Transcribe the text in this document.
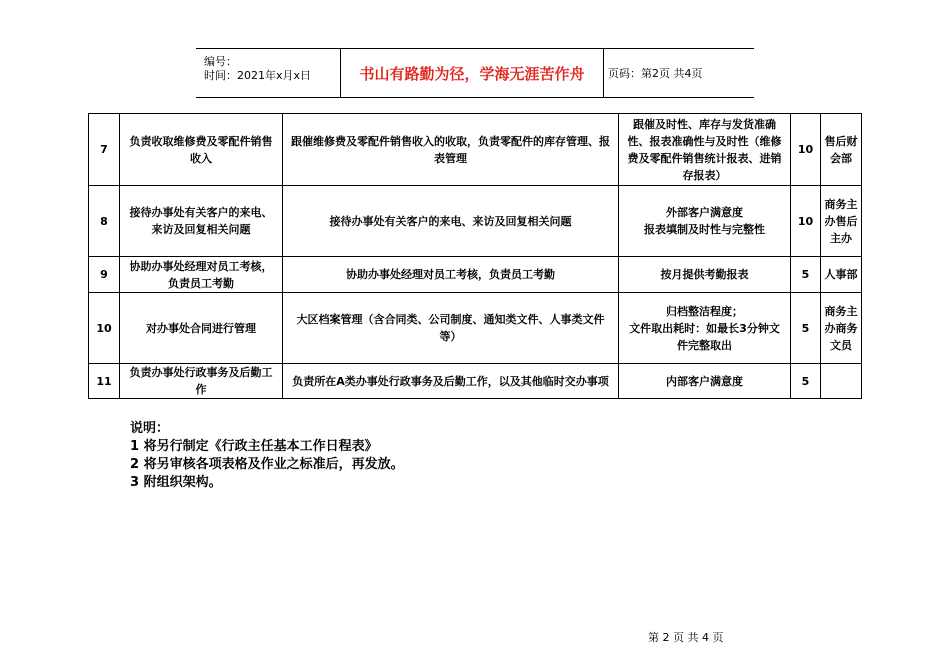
编号：
时间：2021年x月x日	书山有路勤为径，学海无涯苦作舟	页码：第2页 共4页
7	负责收取维修费及零配件销售收入	跟催维修费及零配件销售收入的收取，负责零配件的库存管理、报表管理	跟催及时性、库存与发货准确性、报表准确性与及时性（维修费及零配件销售统计报表、进销存报表）	10	售后财会部
8	接待办事处有关客户的来电、来访及回复相关问题	接待办事处有关客户的来电、来访及回复相关问题	外部客户满意度
报表填制及时性与完整性	10	商务主办售后主办
9	协助办事处经理对员工考核，负责员工考勤	协助办事处经理对员工考核，负责员工考勤	按月提供考勤报表	5	人事部
10	对办事处合同进行管理	大区档案管理（含合同类、公司制度、通知类文件、人事类文件等）	归档整洁程度；
文件取出耗时：如最长3分钟文件完整取出	5	商务主办商务文员
11	负责办事处行政事务及后勤工作	负责所在A类办事处行政事务及后勤工作，以及其他临时交办事项	内部客户满意度	5	
说明：
1 将另行制定《行政主任基本工作日程表》
2 将另审核各项表格及作业之标准后，再发放。
3 附组织架构。
第 2 页 共 4 页
